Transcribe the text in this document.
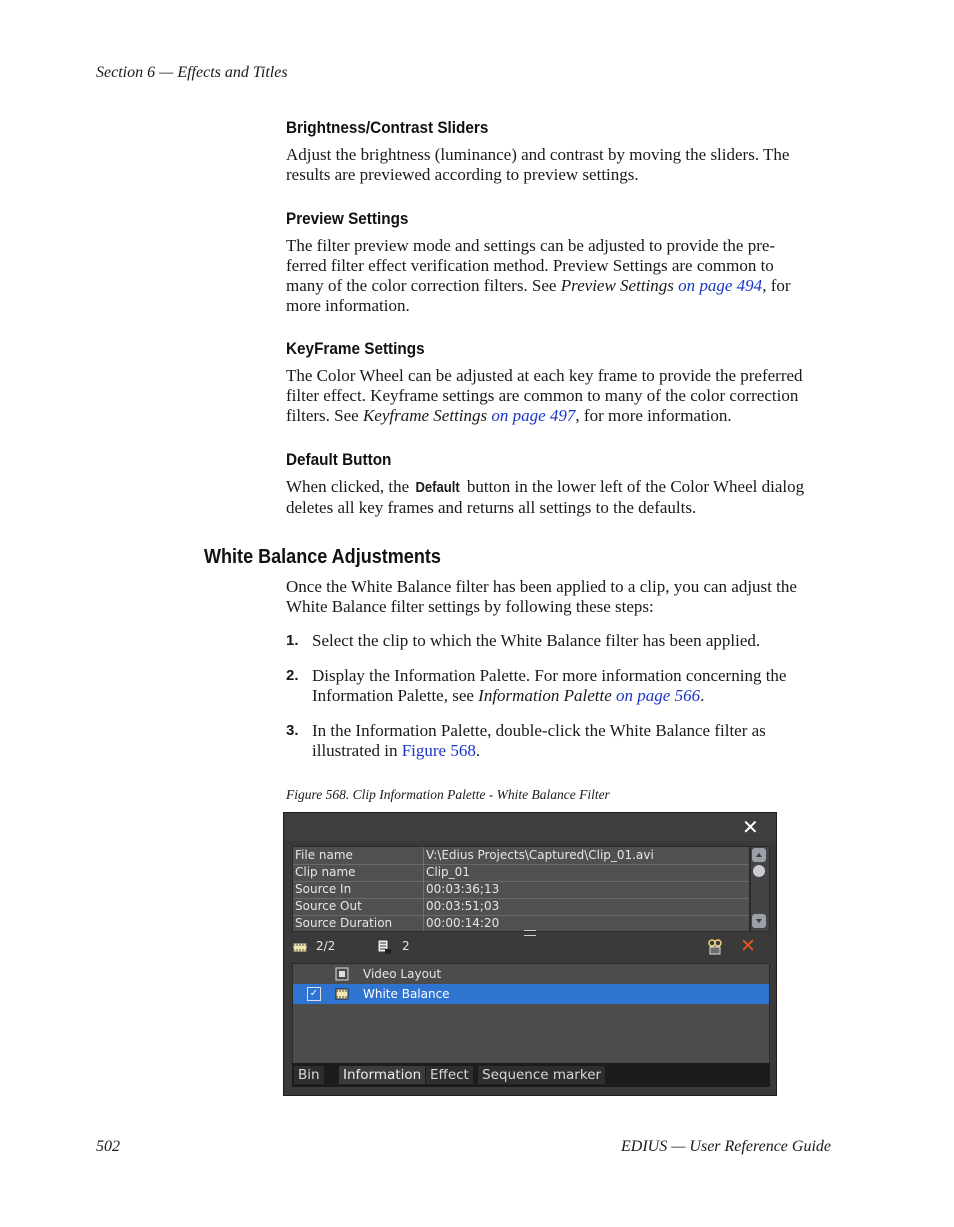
Section 6 — Effects and Titles
Brightness/Contrast Sliders
Adjust the brightness (luminance) and contrast by moving the sliders. The
results are previewed according to preview settings.
Preview Settings
The filter preview mode and settings can be adjusted to provide the pre-
ferred filter effect verification method. Preview Settings are common to
many of the color correction filters. See Preview Settings on page 494, for
more information.
KeyFrame Settings
The Color Wheel can be adjusted at each key frame to provide the preferred
filter effect. Keyframe settings are common to many of the color correction
filters. See Keyframe Settings on page 497, for more information.
Default Button
When clicked, the Default button in the lower left of the Color Wheel dialog
deletes all key frames and returns all settings to the defaults.
White Balance Adjustments
Once the White Balance filter has been applied to a clip, you can adjust the
White Balance filter settings by following these steps:
1. Select the clip to which the White Balance filter has been applied.
2. Display the Information Palette. For more information concerning the
Information Palette, see Information Palette on page 566.
3. In the Information Palette, double-click the White Balance filter as
illustrated in Figure 568.
Figure 568. Clip Information Palette - White Balance Filter
✕
File name	V:\Edius Projects\Captured\Clip_01.avi
Clip name	Clip_01
Source In	00:03:36;13
Source Out	00:03:51;03
Source Duration	00:00:14:20
2/2	2	✕
Video Layout
✓	White Balance
Bin Information Effect Sequence marker
502	EDIUS — User Reference Guide
